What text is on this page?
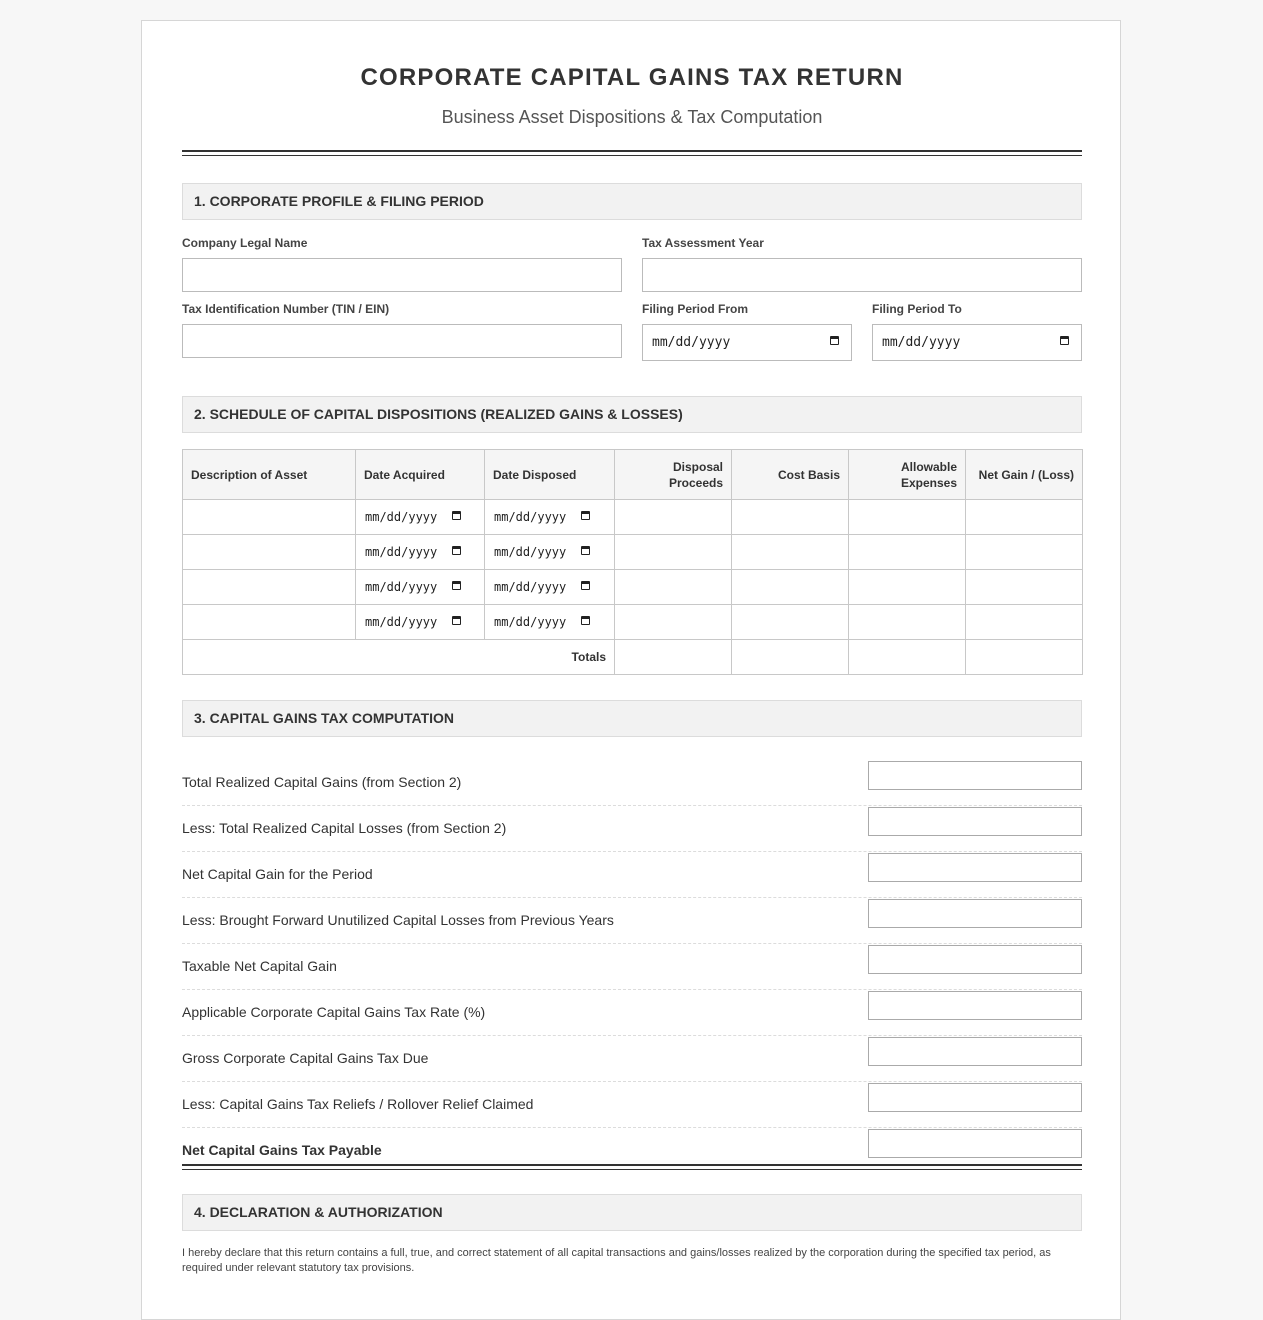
CORPORATE CAPITAL GAINS TAX RETURN
Business Asset Dispositions & Tax Computation
1. CORPORATE PROFILE & FILING PERIOD
Company Legal Name	Tax Assessment Year
Tax Identification Number (TIN / EIN)	Filing Period From
mm/dd/yyyy
Filing Period To
mm/dd/yyyy
2. SCHEDULE OF CAPITAL DISPOSITIONS (REALIZED GAINS & LOSSES)
Description of Asset	Date Acquired	Date Disposed	Disposal Proceeds	Cost Basis	Allowable Expenses	Net Gain / (Loss)

	mm/dd/yyyy	mm/dd/yyyy				

	mm/dd/yyyy	mm/dd/yyyy				

	mm/dd/yyyy	mm/dd/yyyy				

	mm/dd/yyyy	mm/dd/yyyy				

Totals						
3. CAPITAL GAINS TAX COMPUTATION
Total Realized Capital Gains (from Section 2)
Less: Total Realized Capital Losses (from Section 2)
Net Capital Gain for the Period
Less: Brought Forward Unutilized Capital Losses from Previous Years
Taxable Net Capital Gain
Applicable Corporate Capital Gains Tax Rate (%)
Gross Corporate Capital Gains Tax Due
Less: Capital Gains Tax Reliefs / Rollover Relief Claimed
Net Capital Gains Tax Payable
4. DECLARATION & AUTHORIZATION
I hereby declare that this return contains a full, true, and correct statement of all capital transactions and gains/losses realized by the corporation during the specified tax period, as required under relevant statutory tax provisions.
